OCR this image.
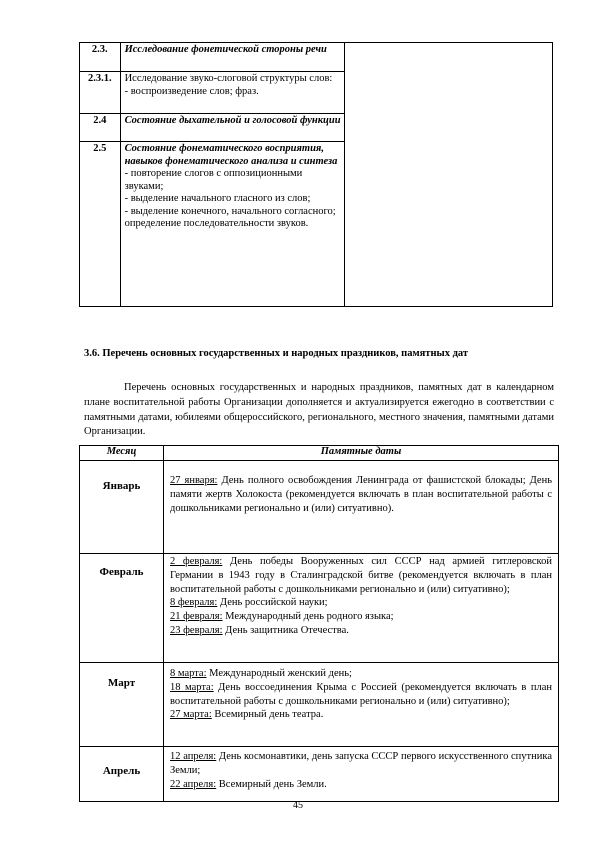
2.3.	Исследование фонетической стороны речи	

2.3.1.	Исследование звуко-слоговой структуры слов:
- воспроизведение слов; фраз.	

2.4	Состояние дыхательной и голосовой функции	

2.5	Состояние фонематического восприятия, навыков фонематического анализа и синтеза
- повторение слогов с оппозиционными звуками;
- выделение начального гласного из слов;
- выделение конечного, начального согласного;
определение последовательности звуков.	
3.6. Перечень основных государственных и народных праздников, памятных дат

Перечень основных государственных и народных праздников, памятных дат в календарном плане воспитательной работы Организации дополняется и актуализируется ежегодно в соответствии с памятными датами, юбилеями общероссийского, регионального, местного значения, памятными датами Организации.

Месяц	Памятные даты
Январь	27 января: День полного освобождения Ленинграда от фашистской блокады; День памяти жертв Холокоста (рекомендуется включать в план воспитательной работы с дошкольниками регионально и (или) ситуативно).

Февраль	2 февраля: День победы Вооруженных сил СССР над армией гитлеровской Германии в 1943 году в Сталинградской битве (рекомендуется включать в план воспитательной работы с дошкольниками регионально и (или) ситуативно);
8 февраля: День российской науки;
21 февраля: Международный день родного языка;
23 февраля: День защитника Отечества.

Март	8 марта: Международный женский день;
18 марта: День воссоединения Крыма с Россией (рекомендуется включать в план воспитательной работы с дошкольниками регионально и (или) ситуативно);
27 марта: Всемирный день театра.

Апрель	12 апреля: День космонавтики, день запуска СССР первого искусственного спутника Земли;
22 апреля: Всемирный день Земли.
45
